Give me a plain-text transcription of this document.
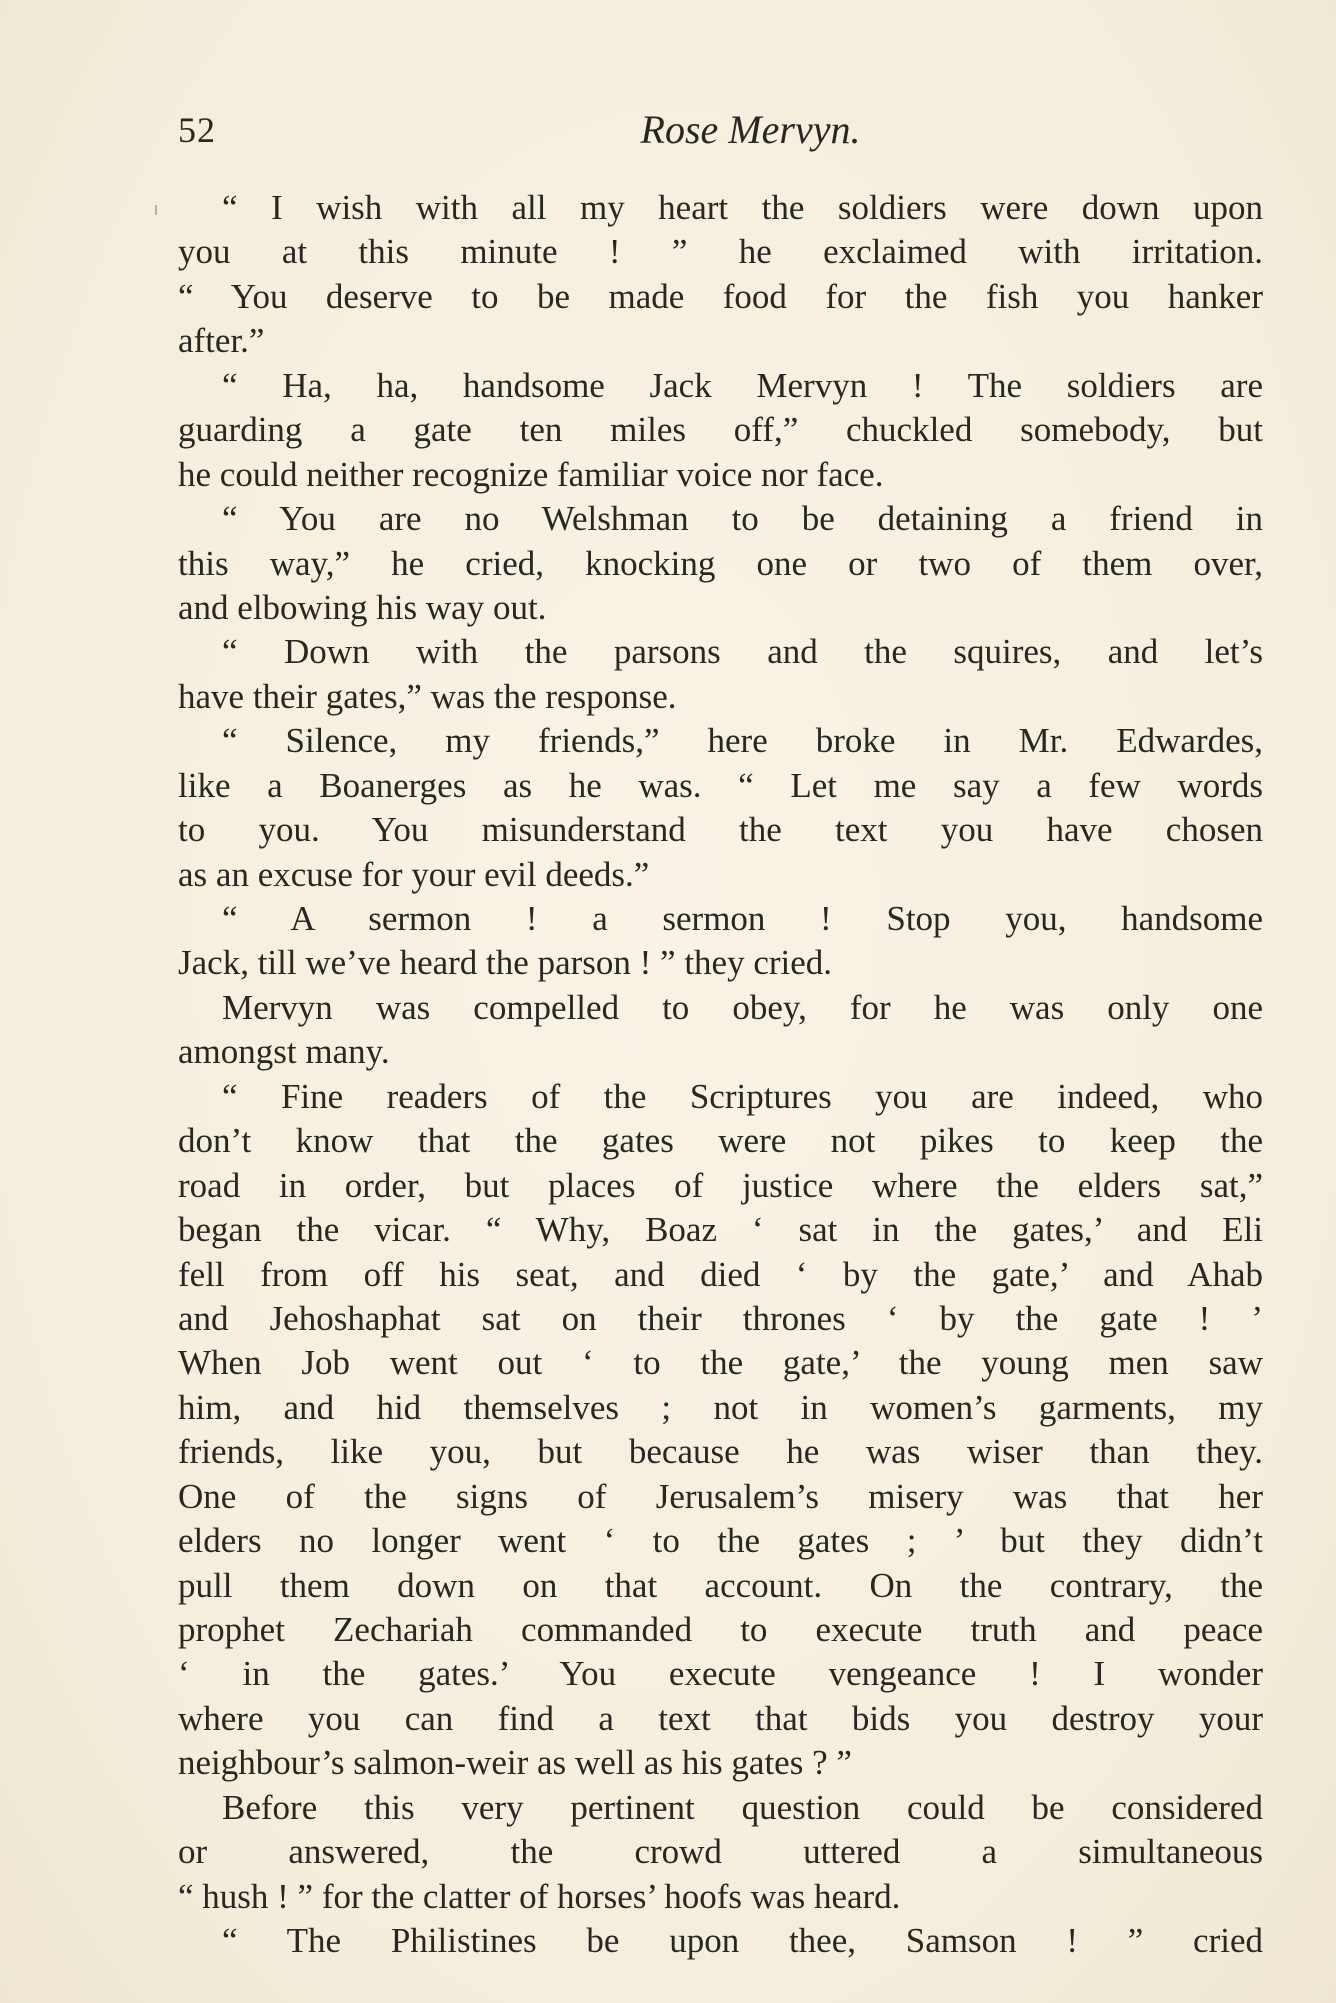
52	Rose Mervyn.
“ I wish with all my heart the soldiers were down upon
you at this minute ! ” he exclaimed with irritation.
“ You deserve to be made food for the fish you hanker
after.”
“ Ha, ha, handsome Jack Mervyn ! The soldiers are
guarding a gate ten miles off,” chuckled somebody, but
he could neither recognize familiar voice nor face.
“ You are no Welshman to be detaining a friend in
this way,” he cried, knocking one or two of them over,
and elbowing his way out.
“ Down with the parsons and the squires, and let’s
have their gates,” was the response.
“ Silence, my friends,” here broke in Mr. Edwardes,
like a Boanerges as he was. “ Let me say a few words
to you. You misunderstand the text you have chosen
as an excuse for your evil deeds.”
“ A sermon ! a sermon ! Stop you, handsome
Jack, till we’ve heard the parson ! ” they cried.
Mervyn was compelled to obey, for he was only one
amongst many.
“ Fine readers of the Scriptures you are indeed, who
don’t know that the gates were not pikes to keep the
road in order, but places of justice where the elders sat,”
began the vicar. “ Why, Boaz ‘ sat in the gates,’ and Eli
fell from off his seat, and died ‘ by the gate,’ and Ahab
and Jehoshaphat sat on their thrones ‘ by the gate ! ’
When Job went out ‘ to the gate,’ the young men saw
him, and hid themselves ; not in women’s garments, my
friends, like you, but because he was wiser than they.
One of the signs of Jerusalem’s misery was that her
elders no longer went ‘ to the gates ; ’ but they didn’t
pull them down on that account. On the contrary, the
prophet Zechariah commanded to execute truth and peace
‘ in the gates.’ You execute vengeance ! I wonder
where you can find a text that bids you destroy your
neighbour’s salmon-weir as well as his gates ? ”
Before this very pertinent question could be considered
or answered, the crowd uttered a simultaneous
“ hush ! ” for the clatter of horses’ hoofs was heard.
“ The Philistines be upon thee, Samson ! ” cried
